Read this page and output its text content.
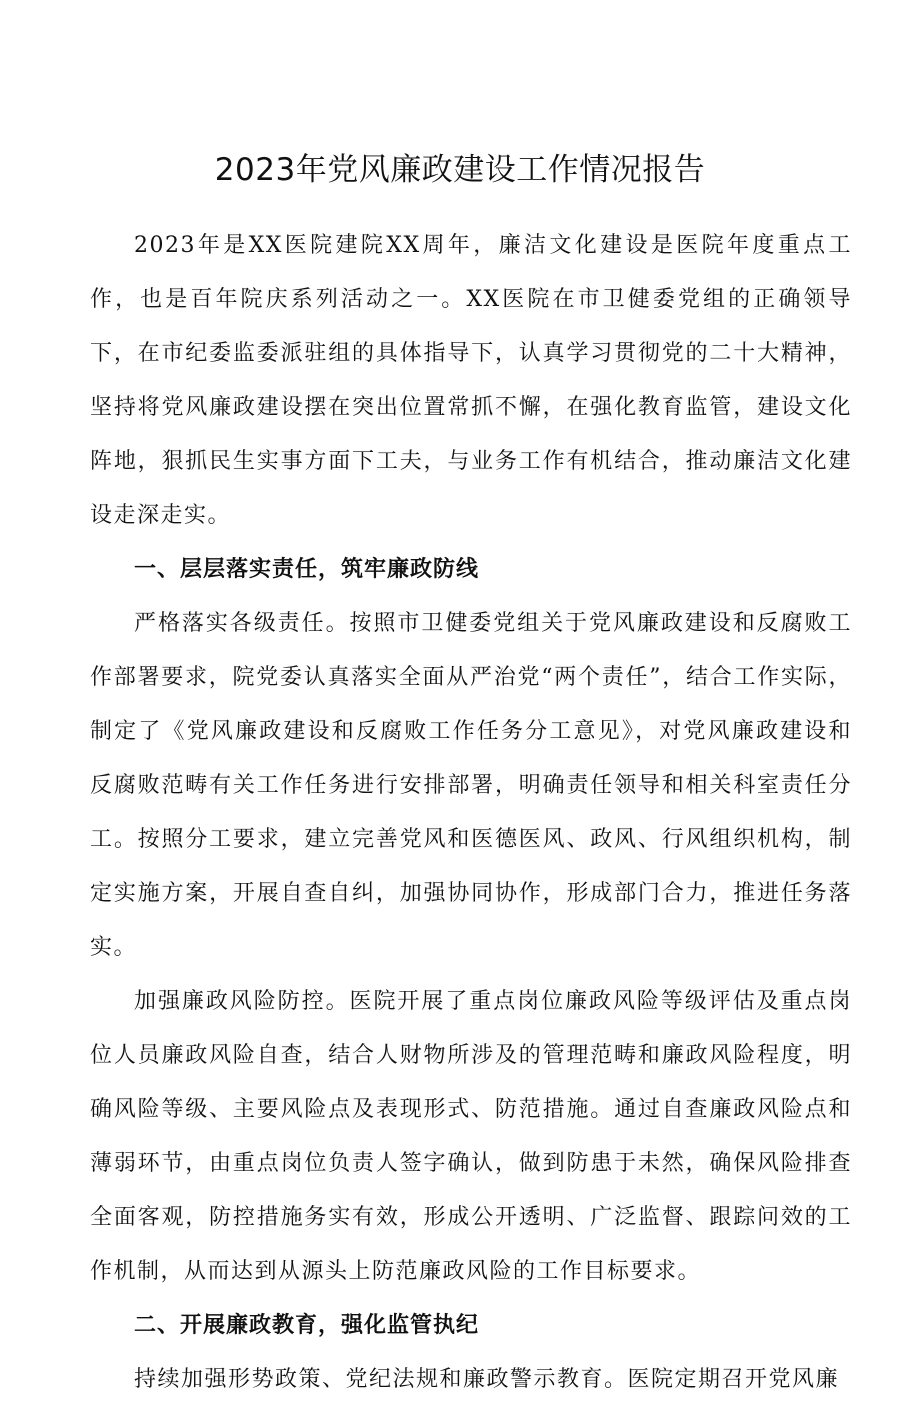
2023年党风廉政建设工作情况报告

2023年是XX医院建院XX周年，廉洁文化建设是医院年度重点工作，也是百年院庆系列活动之一。XX医院在市卫健委党组的正确领导下，在市纪委监委派驻组的具体指导下，认真学习贯彻党的二十大精神，坚持将党风廉政建设摆在突出位置常抓不懈，在强化教育监管，建设文化阵地，狠抓民生实事方面下工夫，与业务工作有机结合，推动廉洁文化建设走深走实。

一、层层落实责任，筑牢廉政防线

严格落实各级责任。按照市卫健委党组关于党风廉政建设和反腐败工作部署要求，院党委认真落实全面从严治党“两个责任”，结合工作实际，制定了《党风廉政建设和反腐败工作任务分工意见》，对党风廉政建设和反腐败范畴有关工作任务进行安排部署，明确责任领导和相关科室责任分工。按照分工要求，建立完善党风和医德医风、政风、行风组织机构，制定实施方案，开展自查自纠，加强协同协作，形成部门合力，推进任务落实。

加强廉政风险防控。医院开展了重点岗位廉政风险等级评估及重点岗位人员廉政风险自查，结合人财物所涉及的管理范畴和廉政风险程度，明确风险等级、主要风险点及表现形式、防范措施。通过自查廉政风险点和薄弱环节，由重点岗位负责人签字确认，做到防患于未然，确保风险排查全面客观，防控措施务实有效，形成公开透明、广泛监督、跟踪问效的工作机制，从而达到从源头上防范廉政风险的工作目标要求。

二、开展廉政教育，强化监管执纪

持续加强形势政策、党纪法规和廉政警示教育。医院定期召开党风廉
